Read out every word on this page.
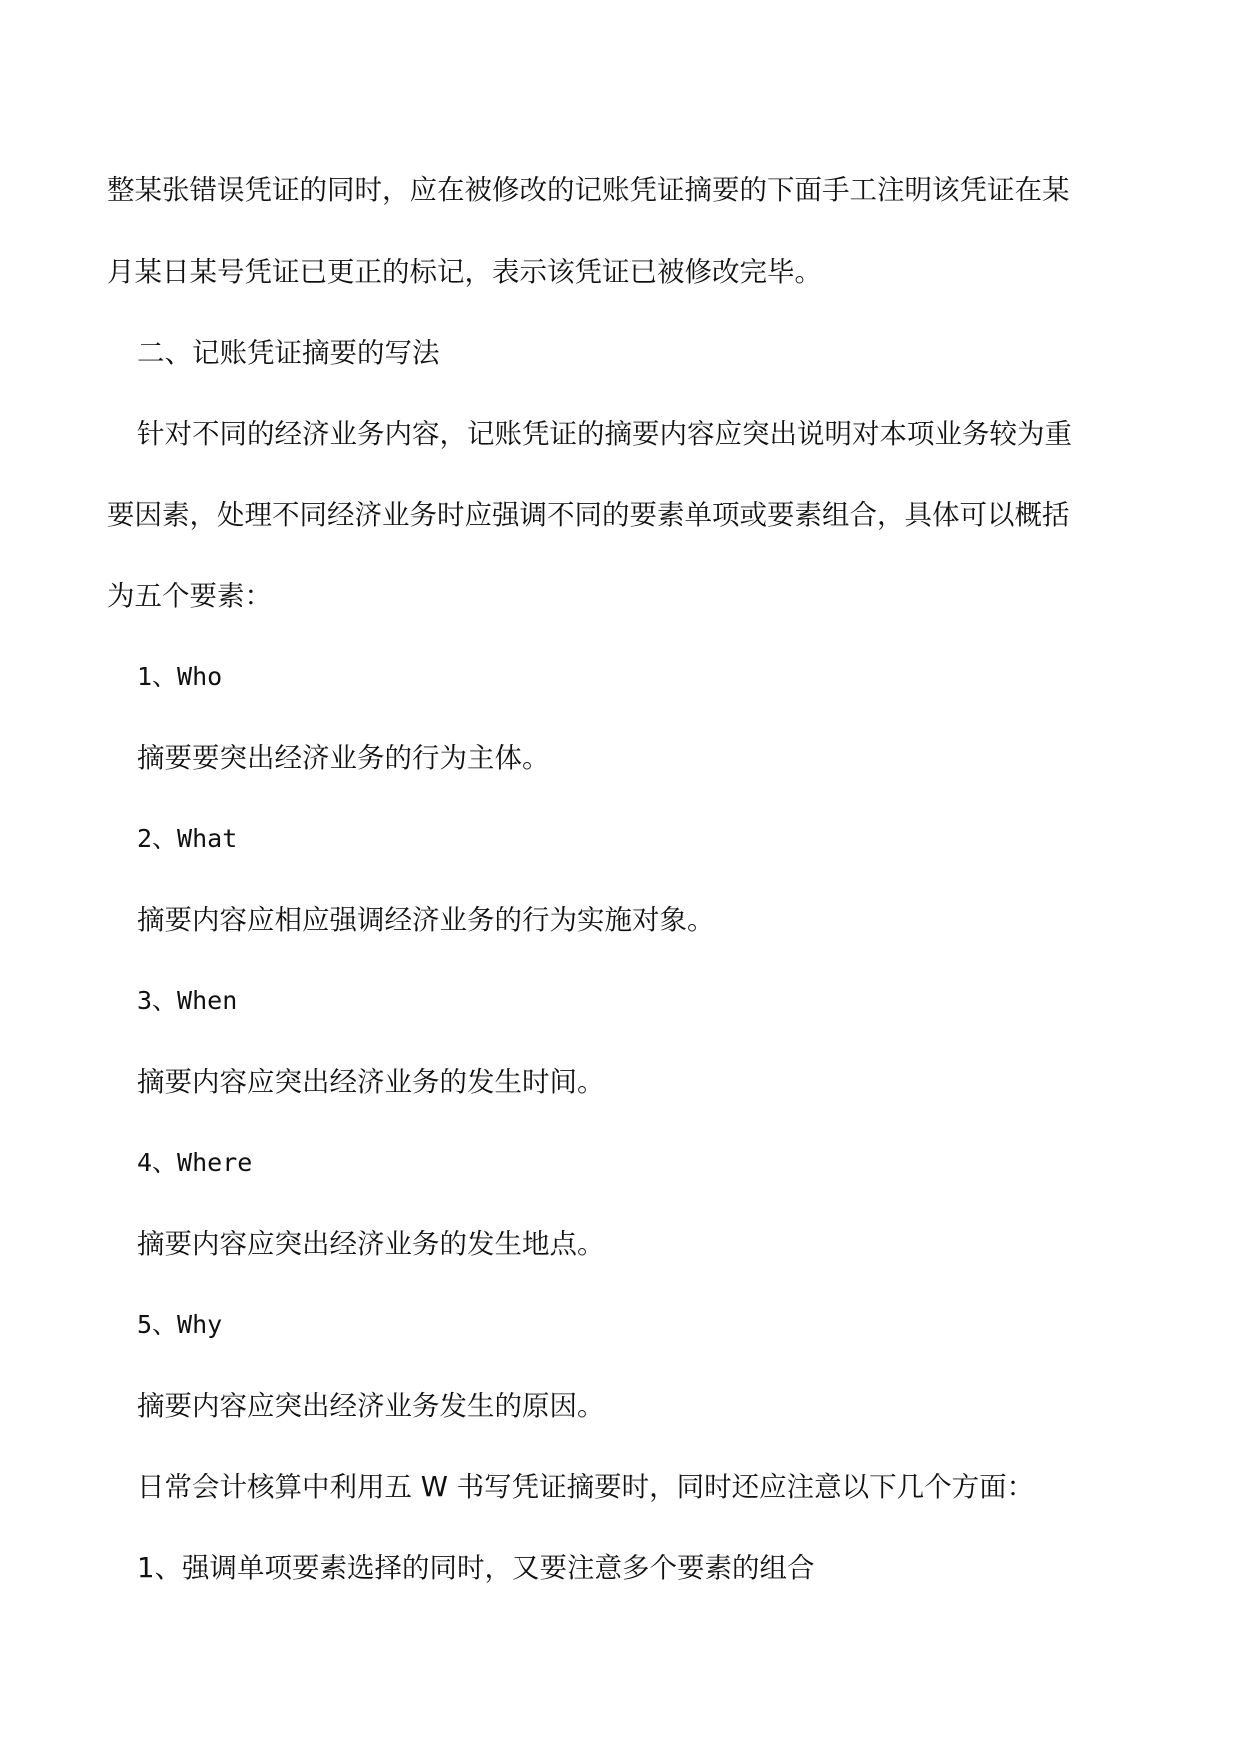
整某张错误凭证的同时，应在被修改的记账凭证摘要的下面手工注明该凭证在某
月某日某号凭证已更正的标记，表示该凭证已被修改完毕。
二、记账凭证摘要的写法
针对不同的经济业务内容，记账凭证的摘要内容应突出说明对本项业务较为重
要因素，处理不同经济业务时应强调不同的要素单项或要素组合，具体可以概括
为五个要素：
1、Who
摘要要突出经济业务的行为主体。
2、What
摘要内容应相应强调经济业务的行为实施对象。
3、When
摘要内容应突出经济业务的发生时间。
4、Where
摘要内容应突出经济业务的发生地点。
5、Why
摘要内容应突出经济业务发生的原因。
日常会计核算中利用五 W 书写凭证摘要时，同时还应注意以下几个方面：
1、强调单项要素选择的同时，又要注意多个要素的组合
